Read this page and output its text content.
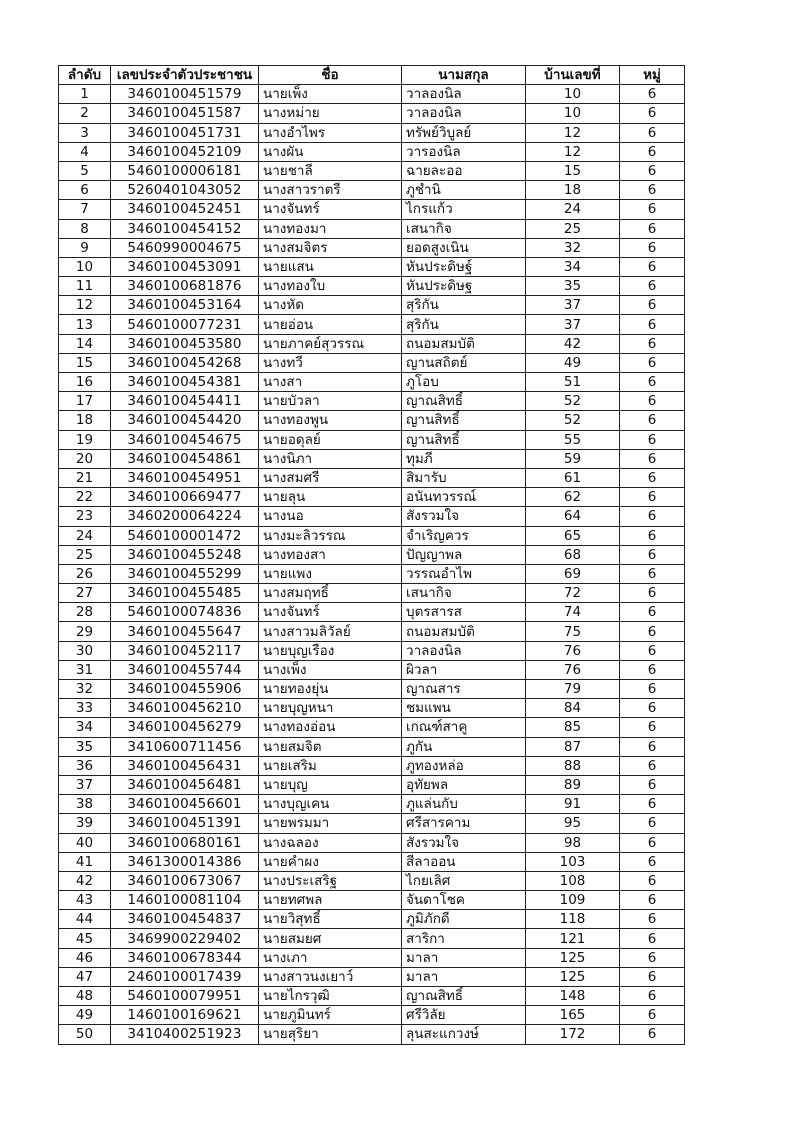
ลำดับ	เลขประจำตัวประชาชน	ชื่อ	นามสกุล	บ้านเลขที่	หมู่
1	3460100451579	นายเพ็ง	วาลองนิล	10	6
2	3460100451587	นางหม่าย	วาลองนิล	10	6
3	3460100451731	นางอำไพร	ทรัพย์วิบูลย์	12	6
4	3460100452109	นางผัน	วารองนิล	12	6
5	5460100006181	นายชาลี	ฉายละออ	15	6
6	5260401043052	นางสาวราตรี	ภูชำนิ	18	6
7	3460100452451	นางจันทร์	ไกรแก้ว	24	6
8	3460100454152	นางทองมา	เสนากิจ	25	6
9	5460990004675	นางสมจิตร	ยอดสูงเนิน	32	6
10	3460100453091	นายแสน	หันประดิษฐ์	34	6
11	3460100681876	นางทองใบ	หันประดิษฐ	35	6
12	3460100453164	นางหัด	สุริกัน	37	6
13	5460100077231	นายอ่อน	สุริกัน	37	6
14	3460100453580	นายภาคย์สุวรรณ	ถนอมสมบัติ	42	6
15	3460100454268	นางทวี	ญานสถิตย์	49	6
16	3460100454381	นางสา	ภูโอบ	51	6
17	3460100454411	นายบัวลา	ญาณสิทธิ์	52	6
18	3460100454420	นางทองพูน	ญานสิทธิ์	52	6
19	3460100454675	นายอดุลย์	ญานสิทธิ์	55	6
20	3460100454861	นางนิภา	ทุมภี	59	6
21	3460100454951	นางสมศรี	สิมารับ	61	6
22	3460100669477	นายลุน	อนันทวรรณ์	62	6
23	3460200064224	นางนอ	สังรวมใจ	64	6
24	5460100001472	นางมะลิวรรณ	จำเริญควร	65	6
25	3460100455248	นางทองสา	ปัญญาพล	68	6
26	3460100455299	นายแพง	วรรณอำไพ	69	6
27	3460100455485	นางสมฤทธิ์	เสนากิจ	72	6
28	5460100074836	นางจันทร์	บุตรสารส	74	6
29	3460100455647	นางสาวมลิวัลย์	ถนอมสมบัติ	75	6
30	3460100452117	นายบุญเรือง	วาลองนิล	76	6
31	3460100455744	นางเพ็ง	ผิวลา	76	6
32	3460100455906	นายทองยุ่น	ญาณสาร	79	6
33	3460100456210	นายบุญหนา	ชมแพน	84	6
34	3460100456279	นางทองอ่อน	เกณฑ์สาคู	85	6
35	3410600711456	นายสมจิต	ภูกัน	87	6
36	3460100456431	นายเสริม	ภูทองหล่อ	88	6
37	3460100456481	นายบุญ	อุทัยพล	89	6
38	3460100456601	นางบุญเคน	ภูแล่นกับ	91	6
39	3460100451391	นายพรมมา	ศรีสารคาม	95	6
40	3460100680161	นางฉลอง	สังรวมใจ	98	6
41	3461300014386	นายคำผง	สีลาออน	103	6
42	3460100673067	นางประเสริฐ	ไกยเลิศ	108	6
43	1460100081104	นายทศพล	จันดาโชค	109	6
44	3460100454837	นายวิสุทธิ์	ภูมิภักดี	118	6
45	3469900229402	นายสมยศ	สาริกา	121	6
46	3460100678344	นางเภา	มาลา	125	6
47	2460100017439	นางสาวนงเยาว์	มาลา	125	6
48	5460100079951	นายไกรวุฒิ	ญาณสิทธิ์	148	6
49	1460100169621	นายภูมินทร์	ศรีวิลัย	165	6
50	3410400251923	นายสุริยา	ลุนสะแกวงษ์	172	6
